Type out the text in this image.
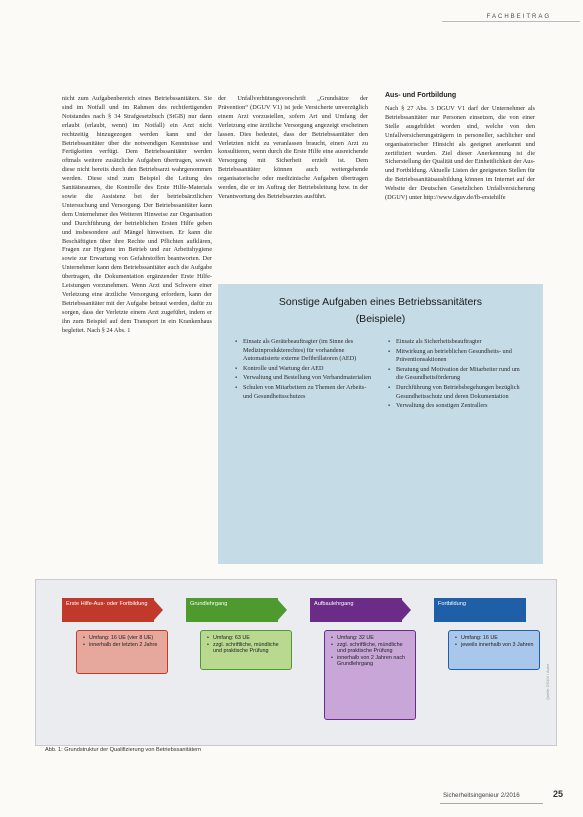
FACHBEITRAG

nicht zum Aufgabenbereich eines Betriebssanitäters. Sie sind im Notfall und im Rahmen des rechtfertigenden Notstandes nach § 34 Strafgesetzbuch (StGB) nur dann erlaubt (erlaubt, wenn) im Notfall) ein Arzt nicht rechtzeitig hinzugezogen werden kann und der Betriebssanitäter über die notwendigen Kenntnisse und Fertigkeiten verfügt. Dem Betriebssanitäter werden oftmals weitere zusätzliche Aufgaben übertragen, soweit diese nicht bereits durch den Betriebsarzt wahrgenommen werden. Diese sind zum Beispiel die Leitung des Sanitätsraumes, die Kontrolle des Erste Hilfe-Materials sowie die Assistenz bei der betriebsärztlichen Untersuchung und Versorgung. Der Betriebssanitäter kann dem Unternehmer des Weiteren Hinweise zur Organisation und Durchführung der betrieblichen Ersten Hilfe geben und insbesondere auf Mängel hinweisen. Er kann die Beschäftigten über ihre Rechte und Pflichten aufklären, Fragen zur Hygiene im Betrieb und zur Arbeitshygiene sowie zur Erwartung von Gefahrstoffen beantworten. Der Unternehmer kann dem Betriebssanitäter auch die Aufgabe übertragen, die Dokumentation ergänzender Erste Hilfe-Leistungen vorzunehmen. Wenn Arzt und Schwere einer Verletzung eine ärztliche Versorgung erfordern, kann der Betriebssanitäter mit der Aufgabe betraut werden, dafür zu sorgen, dass der Verletzte einem Arzt zugeführt, indem er ihn zum Beispiel auf dem Transport in ein Krankenhaus begleitet. Nach § 24 Abs. 1

der Unfallverhütungsvorschrift „Grundsätze der Prävention“ (DGUV V1) ist jede Versicherte unverzüglich einem Arzt vorzustellen, sofern Art und Umfang der Verletzung eine ärztliche Versorgung angezeigt erscheinen lassen. Dies bedeutet, dass der Betriebssanitäter den Verletzten nicht zu veranlassen braucht, einen Arzt zu konsultieren, wenn durch die Erste Hilfe eine ausreichende Versorgung mit Sicherheit erzielt ist. Dem Betriebssanitäter können auch weitergehende organisatorische oder medizinische Aufgaben übertragen werden, die er im Auftrag der Betriebsleitung bzw. in der Verantwortung des Betriebsarztes ausführt.

Aus- und Fortbildung

Nach § 27 Abs. 3 DGUV V1 darf der Unternehmer als Betriebssanitäter nur Personen einsetzen, die von einer Stelle ausgebildet worden sind, welche von den Unfallversicherungsträgern in personeller, sachlicher und organisatorischer Hinsicht als geeignet anerkannt und zertifiziert wurden. Ziel dieser Anerkennung ist die Sicherstellung der Qualität und der Einheitlichkeit der Aus- und Fortbildung. Aktuelle Listen der geeigneten Stellen für die Betriebssanitätsausbildung können im Internet auf der Website der Deutschen Gesetzlichen Unfallversicherung (DGUV) unter http://www.dguv.de/fb-erstehilfe

Sonstige Aufgaben eines Betriebssanitäters
(Beispiele)
▪ Einsatz als Gerätebeauftragter (im Sinne des Medizinprodukterechtes) für vorhandene Automatisierte externe Defibrillatoren (AED)
▪ Kontrolle und Wartung der AED
▪ Verwaltung und Bestellung von Verbandmaterialien
▪ Schulen von Mitarbeitern zu Themen der Arbeits- und Gesundheitsschutzes
▪ Einsatz als Sicherheitsbeauftragter
▪ Mitwirkung an betrieblichen Gesundheits- und Präventionsaktionen
▪ Beratung und Motivation der Mitarbeiter rund um die Gesundheitsförderung
▪ Durchführung von Betriebsbegehungen bezüglich Gesundheitsschutz und deren Dokumentation
▪ Verwaltung des sonstigen Zentrallers
Erste Hilfe-Aus- oder Fortbildung
• Umfang: 16 UE (vier 8 UE)
• innerhalb der letzten 2 Jahre
Grundlehrgang
• Umfang: 63 UE
• zzgl. schriftliche, mündliche und praktische Prüfung
Aufbaulehrgang
• Umfang: 32 UE
• zzgl. schriftliche, mündliche und praktische Prüfung
• innerhalb von 2 Jahren nach Grundlehrgang
Fortbildung
• Umfang: 16 UE
• jeweils innerhalb von 3 Jahren
Quelle: DGUV / Autor
Abb. 1: Grundstruktur der Qualifizierung von Betriebssanitätern
Sicherheitsingenieur 2/2016	25
